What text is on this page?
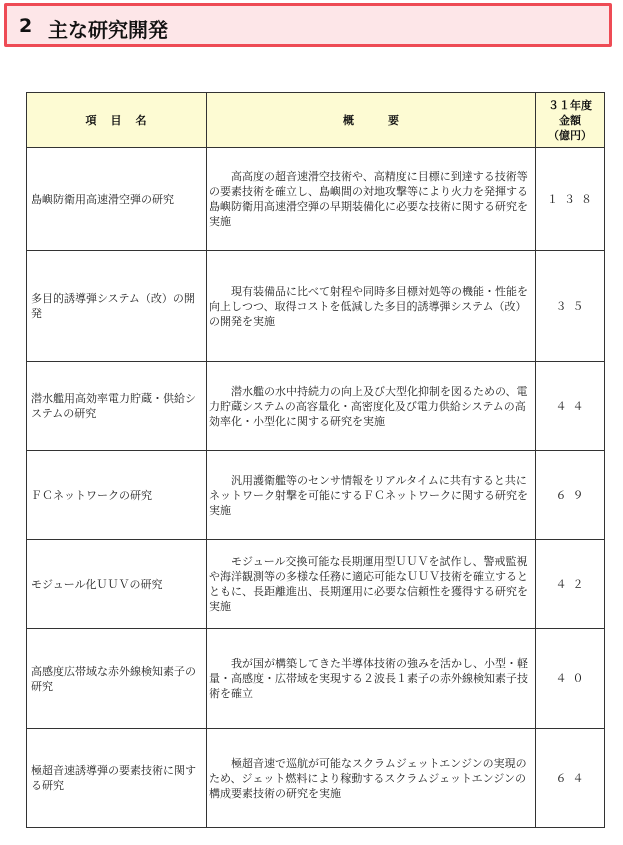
2 主な研究開発
項目名	概 要	３１年度
金額
（億円）

島嶼防衛用高速滑空弾の研究	高高度の超音速滑空技術や、高精度に目標に到達する技術等の要素技術を確立し、島嶼間の対地攻撃等により火力を発揮する島嶼防衛用高速滑空弾の早期装備化に必要な技術に関する研究を実施	１３８
多目的誘導弾システム（改）の開発	現有装備品に比べて射程や同時多目標対処等の機能・性能を向上しつつ、取得コストを低減した多目的誘導弾システム（改）の開発を実施	３５
潜水艦用高効率電力貯蔵・供給システムの研究	潜水艦の水中持続力の向上及び大型化抑制を図るための、電力貯蔵システムの高容量化・高密度化及び電力供給システムの高効率化・小型化に関する研究を実施	４４
ＦＣネットワークの研究	汎用護衛艦等のセンサ情報をリアルタイムに共有すると共にネットワーク射撃を可能にするＦＣネットワークに関する研究を実施	６９
モジュール化ＵＵＶの研究	モジュール交換可能な長期運用型ＵＵＶを試作し、警戒監視や海洋観測等の多様な任務に適応可能なＵＵＶ技術を確立するとともに、長距離進出、長期運用に必要な信頼性を獲得する研究を実施	４２
高感度広帯域な赤外線検知素子の研究	我が国が構築してきた半導体技術の強みを活かし、小型・軽量・高感度・広帯域を実現する２波長１素子の赤外線検知素子技術を確立	４０
極超音速誘導弾の要素技術に関する研究	極超音速で巡航が可能なスクラムジェットエンジンの実現のため、ジェット燃料により稼動するスクラムジェットエンジンの構成要素技術の研究を実施	６４
